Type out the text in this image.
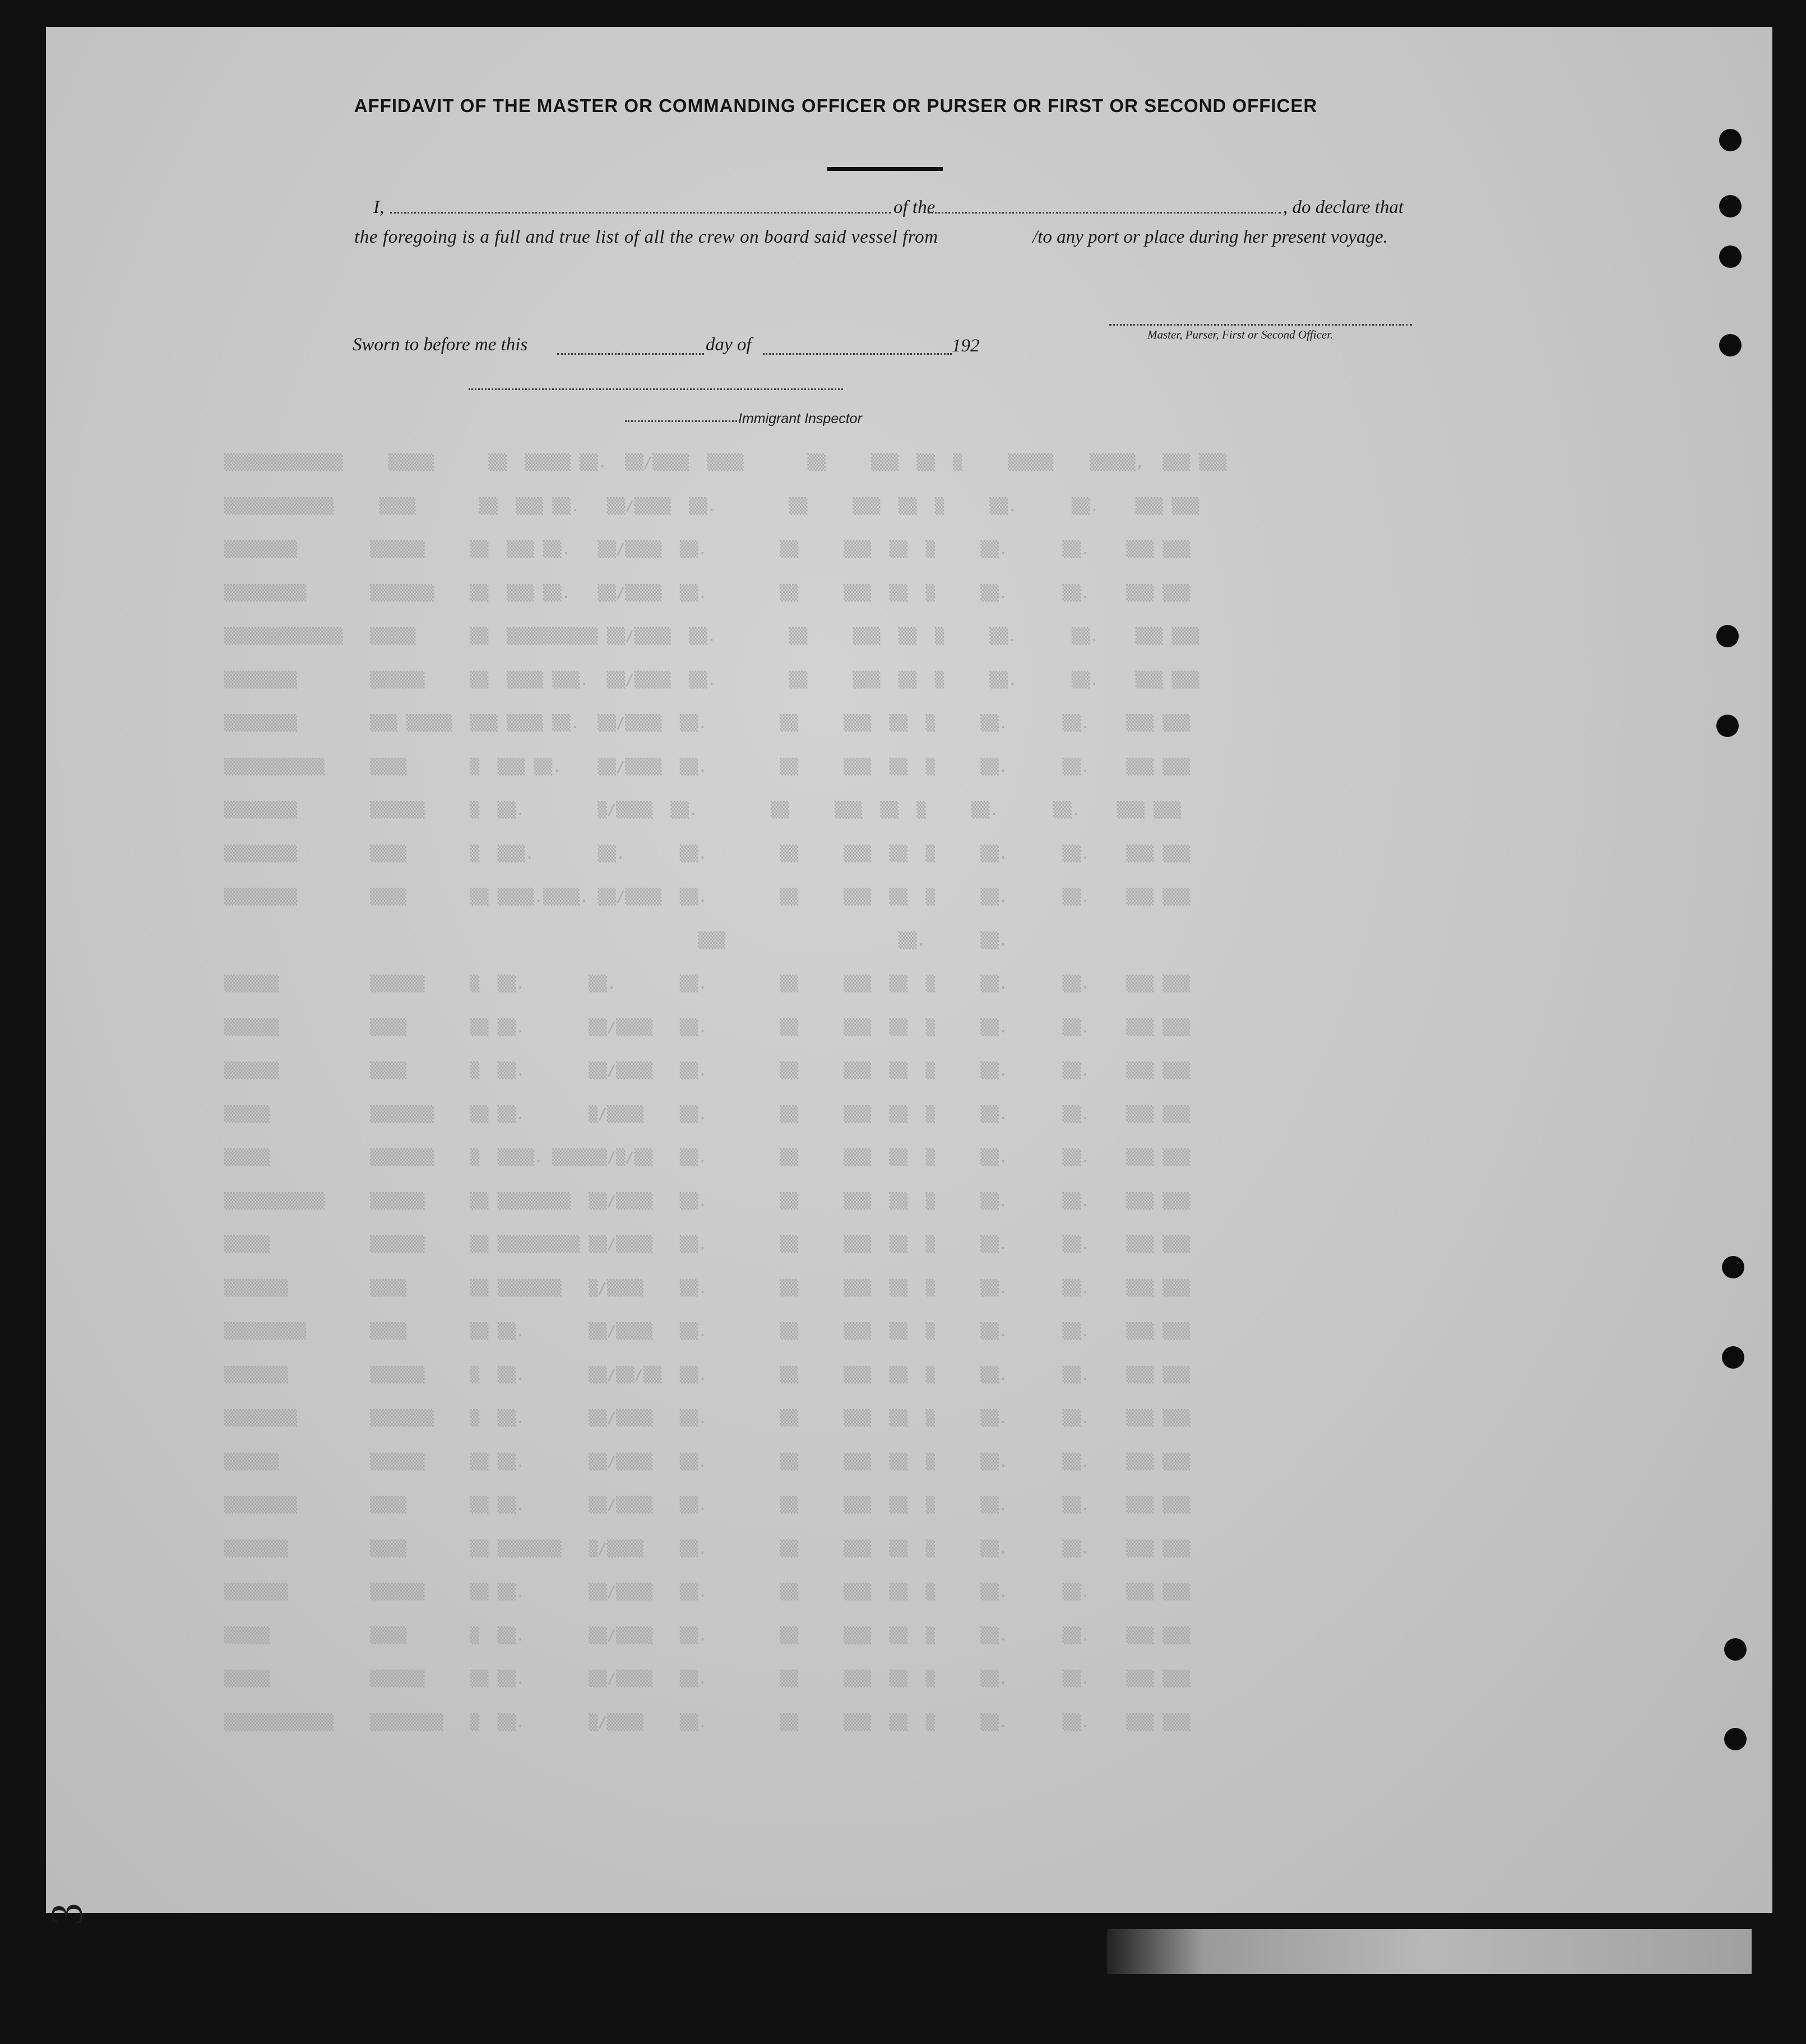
▒▒▒▒▒▒▒▒▒▒▒▒▒     ▒▒▒▒▒      ▒▒  ▒▒▒▒▒ ▒▒.  ▒▒/▒▒▒▒  ▒▒▒▒       ▒▒     ▒▒▒  ▒▒  ▒     ▒▒▒▒▒    ▒▒▒▒▒,  ▒▒▒ ▒▒▒
▒▒▒▒▒▒▒▒▒▒▒▒     ▒▒▒▒       ▒▒  ▒▒▒ ▒▒.   ▒▒/▒▒▒▒  ▒▒.        ▒▒     ▒▒▒  ▒▒  ▒     ▒▒.      ▒▒.    ▒▒▒ ▒▒▒
▒▒▒▒▒▒▒▒        ▒▒▒▒▒▒     ▒▒  ▒▒▒ ▒▒.   ▒▒/▒▒▒▒  ▒▒.        ▒▒     ▒▒▒  ▒▒  ▒     ▒▒.      ▒▒.    ▒▒▒ ▒▒▒
▒▒▒▒▒▒▒▒▒       ▒▒▒▒▒▒▒    ▒▒  ▒▒▒ ▒▒.   ▒▒/▒▒▒▒  ▒▒.        ▒▒     ▒▒▒  ▒▒  ▒     ▒▒.      ▒▒.    ▒▒▒ ▒▒▒
▒▒▒▒▒▒▒▒▒▒▒▒▒   ▒▒▒▒▒      ▒▒  ▒▒▒▒▒▒▒▒▒▒ ▒▒/▒▒▒▒  ▒▒.        ▒▒     ▒▒▒  ▒▒  ▒     ▒▒.      ▒▒.    ▒▒▒ ▒▒▒
▒▒▒▒▒▒▒▒        ▒▒▒▒▒▒     ▒▒  ▒▒▒▒ ▒▒▒.  ▒▒/▒▒▒▒  ▒▒.        ▒▒     ▒▒▒  ▒▒  ▒     ▒▒.      ▒▒.    ▒▒▒ ▒▒▒
▒▒▒▒▒▒▒▒        ▒▒▒ ▒▒▒▒▒  ▒▒▒ ▒▒▒▒ ▒▒.  ▒▒/▒▒▒▒  ▒▒.        ▒▒     ▒▒▒  ▒▒  ▒     ▒▒.      ▒▒.    ▒▒▒ ▒▒▒
▒▒▒▒▒▒▒▒▒▒▒     ▒▒▒▒       ▒  ▒▒▒ ▒▒.    ▒▒/▒▒▒▒  ▒▒.        ▒▒     ▒▒▒  ▒▒  ▒     ▒▒.      ▒▒.    ▒▒▒ ▒▒▒
▒▒▒▒▒▒▒▒        ▒▒▒▒▒▒     ▒  ▒▒.        ▒/▒▒▒▒  ▒▒.        ▒▒     ▒▒▒  ▒▒  ▒     ▒▒.      ▒▒.    ▒▒▒ ▒▒▒
▒▒▒▒▒▒▒▒        ▒▒▒▒       ▒  ▒▒▒.       ▒▒.      ▒▒.        ▒▒     ▒▒▒  ▒▒  ▒     ▒▒.      ▒▒.    ▒▒▒ ▒▒▒
▒▒▒▒▒▒▒▒        ▒▒▒▒       ▒▒ ▒▒▒▒.▒▒▒▒. ▒▒/▒▒▒▒  ▒▒.        ▒▒     ▒▒▒  ▒▒  ▒     ▒▒.      ▒▒.    ▒▒▒ ▒▒▒
▒▒▒                   ▒▒.      ▒▒.
▒▒▒▒▒▒          ▒▒▒▒▒▒     ▒  ▒▒.       ▒▒.       ▒▒.        ▒▒     ▒▒▒  ▒▒  ▒     ▒▒.      ▒▒.    ▒▒▒ ▒▒▒
▒▒▒▒▒▒          ▒▒▒▒       ▒▒ ▒▒.       ▒▒/▒▒▒▒   ▒▒.        ▒▒     ▒▒▒  ▒▒  ▒     ▒▒.      ▒▒.    ▒▒▒ ▒▒▒
▒▒▒▒▒▒          ▒▒▒▒       ▒  ▒▒.       ▒▒/▒▒▒▒   ▒▒.        ▒▒     ▒▒▒  ▒▒  ▒     ▒▒.      ▒▒.    ▒▒▒ ▒▒▒
▒▒▒▒▒           ▒▒▒▒▒▒▒    ▒▒ ▒▒.       ▒/▒▒▒▒    ▒▒.        ▒▒     ▒▒▒  ▒▒  ▒     ▒▒.      ▒▒.    ▒▒▒ ▒▒▒
▒▒▒▒▒           ▒▒▒▒▒▒▒    ▒  ▒▒▒▒. ▒▒▒▒▒▒/▒/▒▒   ▒▒.        ▒▒     ▒▒▒  ▒▒  ▒     ▒▒.      ▒▒.    ▒▒▒ ▒▒▒
▒▒▒▒▒▒▒▒▒▒▒     ▒▒▒▒▒▒     ▒▒ ▒▒▒▒▒▒▒▒  ▒▒/▒▒▒▒   ▒▒.        ▒▒     ▒▒▒  ▒▒  ▒     ▒▒.      ▒▒.    ▒▒▒ ▒▒▒
▒▒▒▒▒           ▒▒▒▒▒▒     ▒▒ ▒▒▒▒▒▒▒▒▒ ▒▒/▒▒▒▒   ▒▒.        ▒▒     ▒▒▒  ▒▒  ▒     ▒▒.      ▒▒.    ▒▒▒ ▒▒▒
▒▒▒▒▒▒▒         ▒▒▒▒       ▒▒ ▒▒▒▒▒▒▒   ▒/▒▒▒▒    ▒▒.        ▒▒     ▒▒▒  ▒▒  ▒     ▒▒.      ▒▒.    ▒▒▒ ▒▒▒
▒▒▒▒▒▒▒▒▒       ▒▒▒▒       ▒▒ ▒▒.       ▒▒/▒▒▒▒   ▒▒.        ▒▒     ▒▒▒  ▒▒  ▒     ▒▒.      ▒▒.    ▒▒▒ ▒▒▒
▒▒▒▒▒▒▒         ▒▒▒▒▒▒     ▒  ▒▒.       ▒▒/▒▒/▒▒  ▒▒.        ▒▒     ▒▒▒  ▒▒  ▒     ▒▒.      ▒▒.    ▒▒▒ ▒▒▒
▒▒▒▒▒▒▒▒        ▒▒▒▒▒▒▒    ▒  ▒▒.       ▒▒/▒▒▒▒   ▒▒.        ▒▒     ▒▒▒  ▒▒  ▒     ▒▒.      ▒▒.    ▒▒▒ ▒▒▒
▒▒▒▒▒▒          ▒▒▒▒▒▒     ▒▒ ▒▒.       ▒▒/▒▒▒▒   ▒▒.        ▒▒     ▒▒▒  ▒▒  ▒     ▒▒.      ▒▒.    ▒▒▒ ▒▒▒
▒▒▒▒▒▒▒▒        ▒▒▒▒       ▒▒ ▒▒.       ▒▒/▒▒▒▒   ▒▒.        ▒▒     ▒▒▒  ▒▒  ▒     ▒▒.      ▒▒.    ▒▒▒ ▒▒▒
▒▒▒▒▒▒▒         ▒▒▒▒       ▒▒ ▒▒▒▒▒▒▒   ▒/▒▒▒▒    ▒▒.        ▒▒     ▒▒▒  ▒▒  ▒     ▒▒.      ▒▒.    ▒▒▒ ▒▒▒
▒▒▒▒▒▒▒         ▒▒▒▒▒▒     ▒▒ ▒▒.       ▒▒/▒▒▒▒   ▒▒.        ▒▒     ▒▒▒  ▒▒  ▒     ▒▒.      ▒▒.    ▒▒▒ ▒▒▒
▒▒▒▒▒           ▒▒▒▒       ▒  ▒▒.       ▒▒/▒▒▒▒   ▒▒.        ▒▒     ▒▒▒  ▒▒  ▒     ▒▒.      ▒▒.    ▒▒▒ ▒▒▒
▒▒▒▒▒           ▒▒▒▒▒▒     ▒▒ ▒▒.       ▒▒/▒▒▒▒   ▒▒.        ▒▒     ▒▒▒  ▒▒  ▒     ▒▒.      ▒▒.    ▒▒▒ ▒▒▒
▒▒▒▒▒▒▒▒▒▒▒▒    ▒▒▒▒▒▒▒▒   ▒  ▒▒.       ▒/▒▒▒▒    ▒▒.        ▒▒     ▒▒▒  ▒▒  ▒     ▒▒.      ▒▒.    ▒▒▒ ▒▒▒
AFFIDAVIT OF THE MASTER OR COMMANDING OFFICER OR PURSER OR FIRST OR SECOND OFFICER
I,	of the	, do declare that
the foregoing is a full and true list of all the crew on board said vessel from	/to any port or place during her present voyage.
Master, Purser, First or Second Officer.
Sworn to before me this	day of	192
Immigrant Inspector
3
